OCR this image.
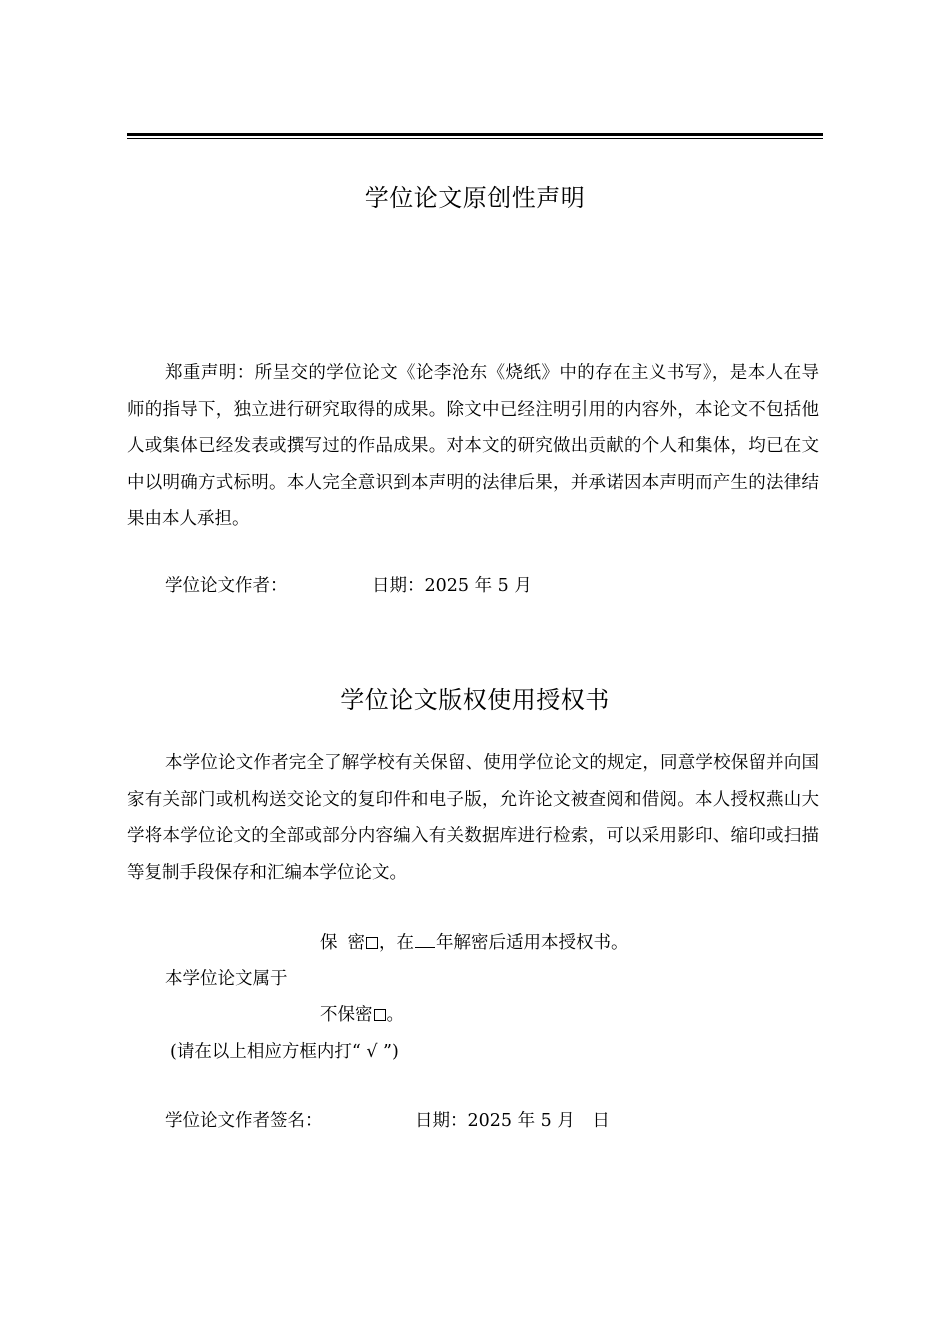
学位论文原创性声明

郑重声明：所呈交的学位论文《论李沧东《烧纸》中的存在主义书写》，是本人在导师的指导下，独立进行研究取得的成果。除文中已经注明引用的内容外，本论文不包括他人或集体已经发表或撰写过的作品成果。对本文的研究做出贡献的个人和集体，均已在文中以明确方式标明。本人完全意识到本声明的法律后果，并承诺因本声明而产生的法律结果由本人承担。

学位论文作者：	日期：2025 年 5 月
学位论文版权使用授权书

本学位论文作者完全了解学校有关保留、使用学位论文的规定，同意学校保留并向国家有关部门或机构送交论文的复印件和电子版，允许论文被查阅和借阅。本人授权燕山大学将本学位论文的全部或部分内容编入有关数据库进行检索，可以采用影印、缩印或扫描等复制手段保存和汇编本学位论文。

保 密 ，在 年解密后适用本授权书。
本学位论文属于
不保密 。
(请在以上相应方框内打“ √ ”)
学位论文作者签名：	日期：2025 年 5 月　日
